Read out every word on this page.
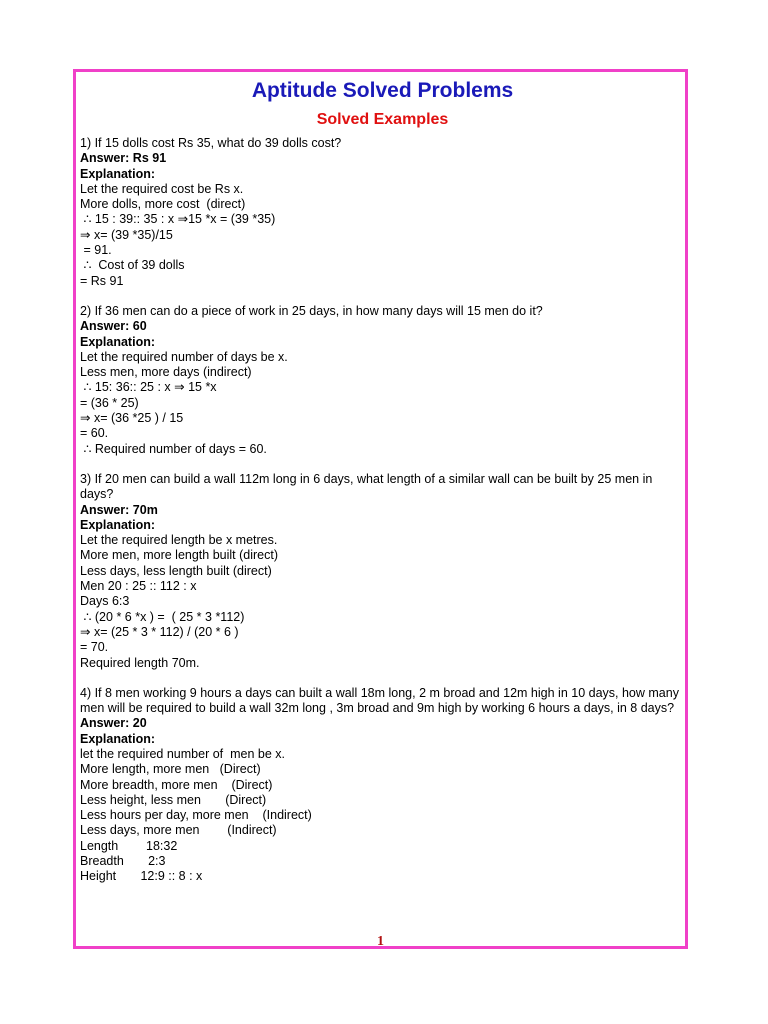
Aptitude Solved Problems
Solved Examples
1) If 15 dolls cost Rs 35, what do 39 dolls cost?
Answer: Rs 91
Explanation:
Let the required cost be Rs x.
More dolls, more cost  (direct)
∴ 15 : 39:: 35 : x ⇒15 *x = (39 *35)
⇒ x= (39 *35)/15
= 91.
∴  Cost of 39 dolls
= Rs 91
2) If 36 men can do a piece of work in 25 days, in how many days will 15 men do it?
Answer: 60
Explanation:
Let the required number of days be x.
Less men, more days (indirect)
∴ 15: 36:: 25 : x ⇒ 15 *x
= (36 * 25)
⇒ x= (36 *25 ) / 15
= 60.
∴ Required number of days = 60.
3) If 20 men can build a wall 112m long in 6 days, what length of a similar wall can be built by 25 men in days?
Answer: 70m
Explanation:
Let the required length be x metres.
More men, more length built (direct)
Less days, less length built (direct)
Men 20 : 25 :: 112 : x
Days 6:3
∴ (20 * 6 *x ) =  ( 25 * 3 *112)
⇒ x= (25 * 3 * 112) / (20 * 6 )
= 70.
Required length 70m.
4) If 8 men working 9 hours a days can built a wall 18m long, 2 m broad and 12m high in 10 days, how many men will be required to build a wall 32m long , 3m broad and 9m high by working 6 hours a days, in 8 days?
Answer: 20
Explanation:
let the required number of  men be x.
More length, more men   (Direct)
More breadth, more men    (Direct)
Less height, less men       (Direct)
Less hours per day, more men    (Indirect)
Less days, more men        (Indirect)
Length        18:32
Breadth       2:3
Height       12:9 :: 8 : x
1
